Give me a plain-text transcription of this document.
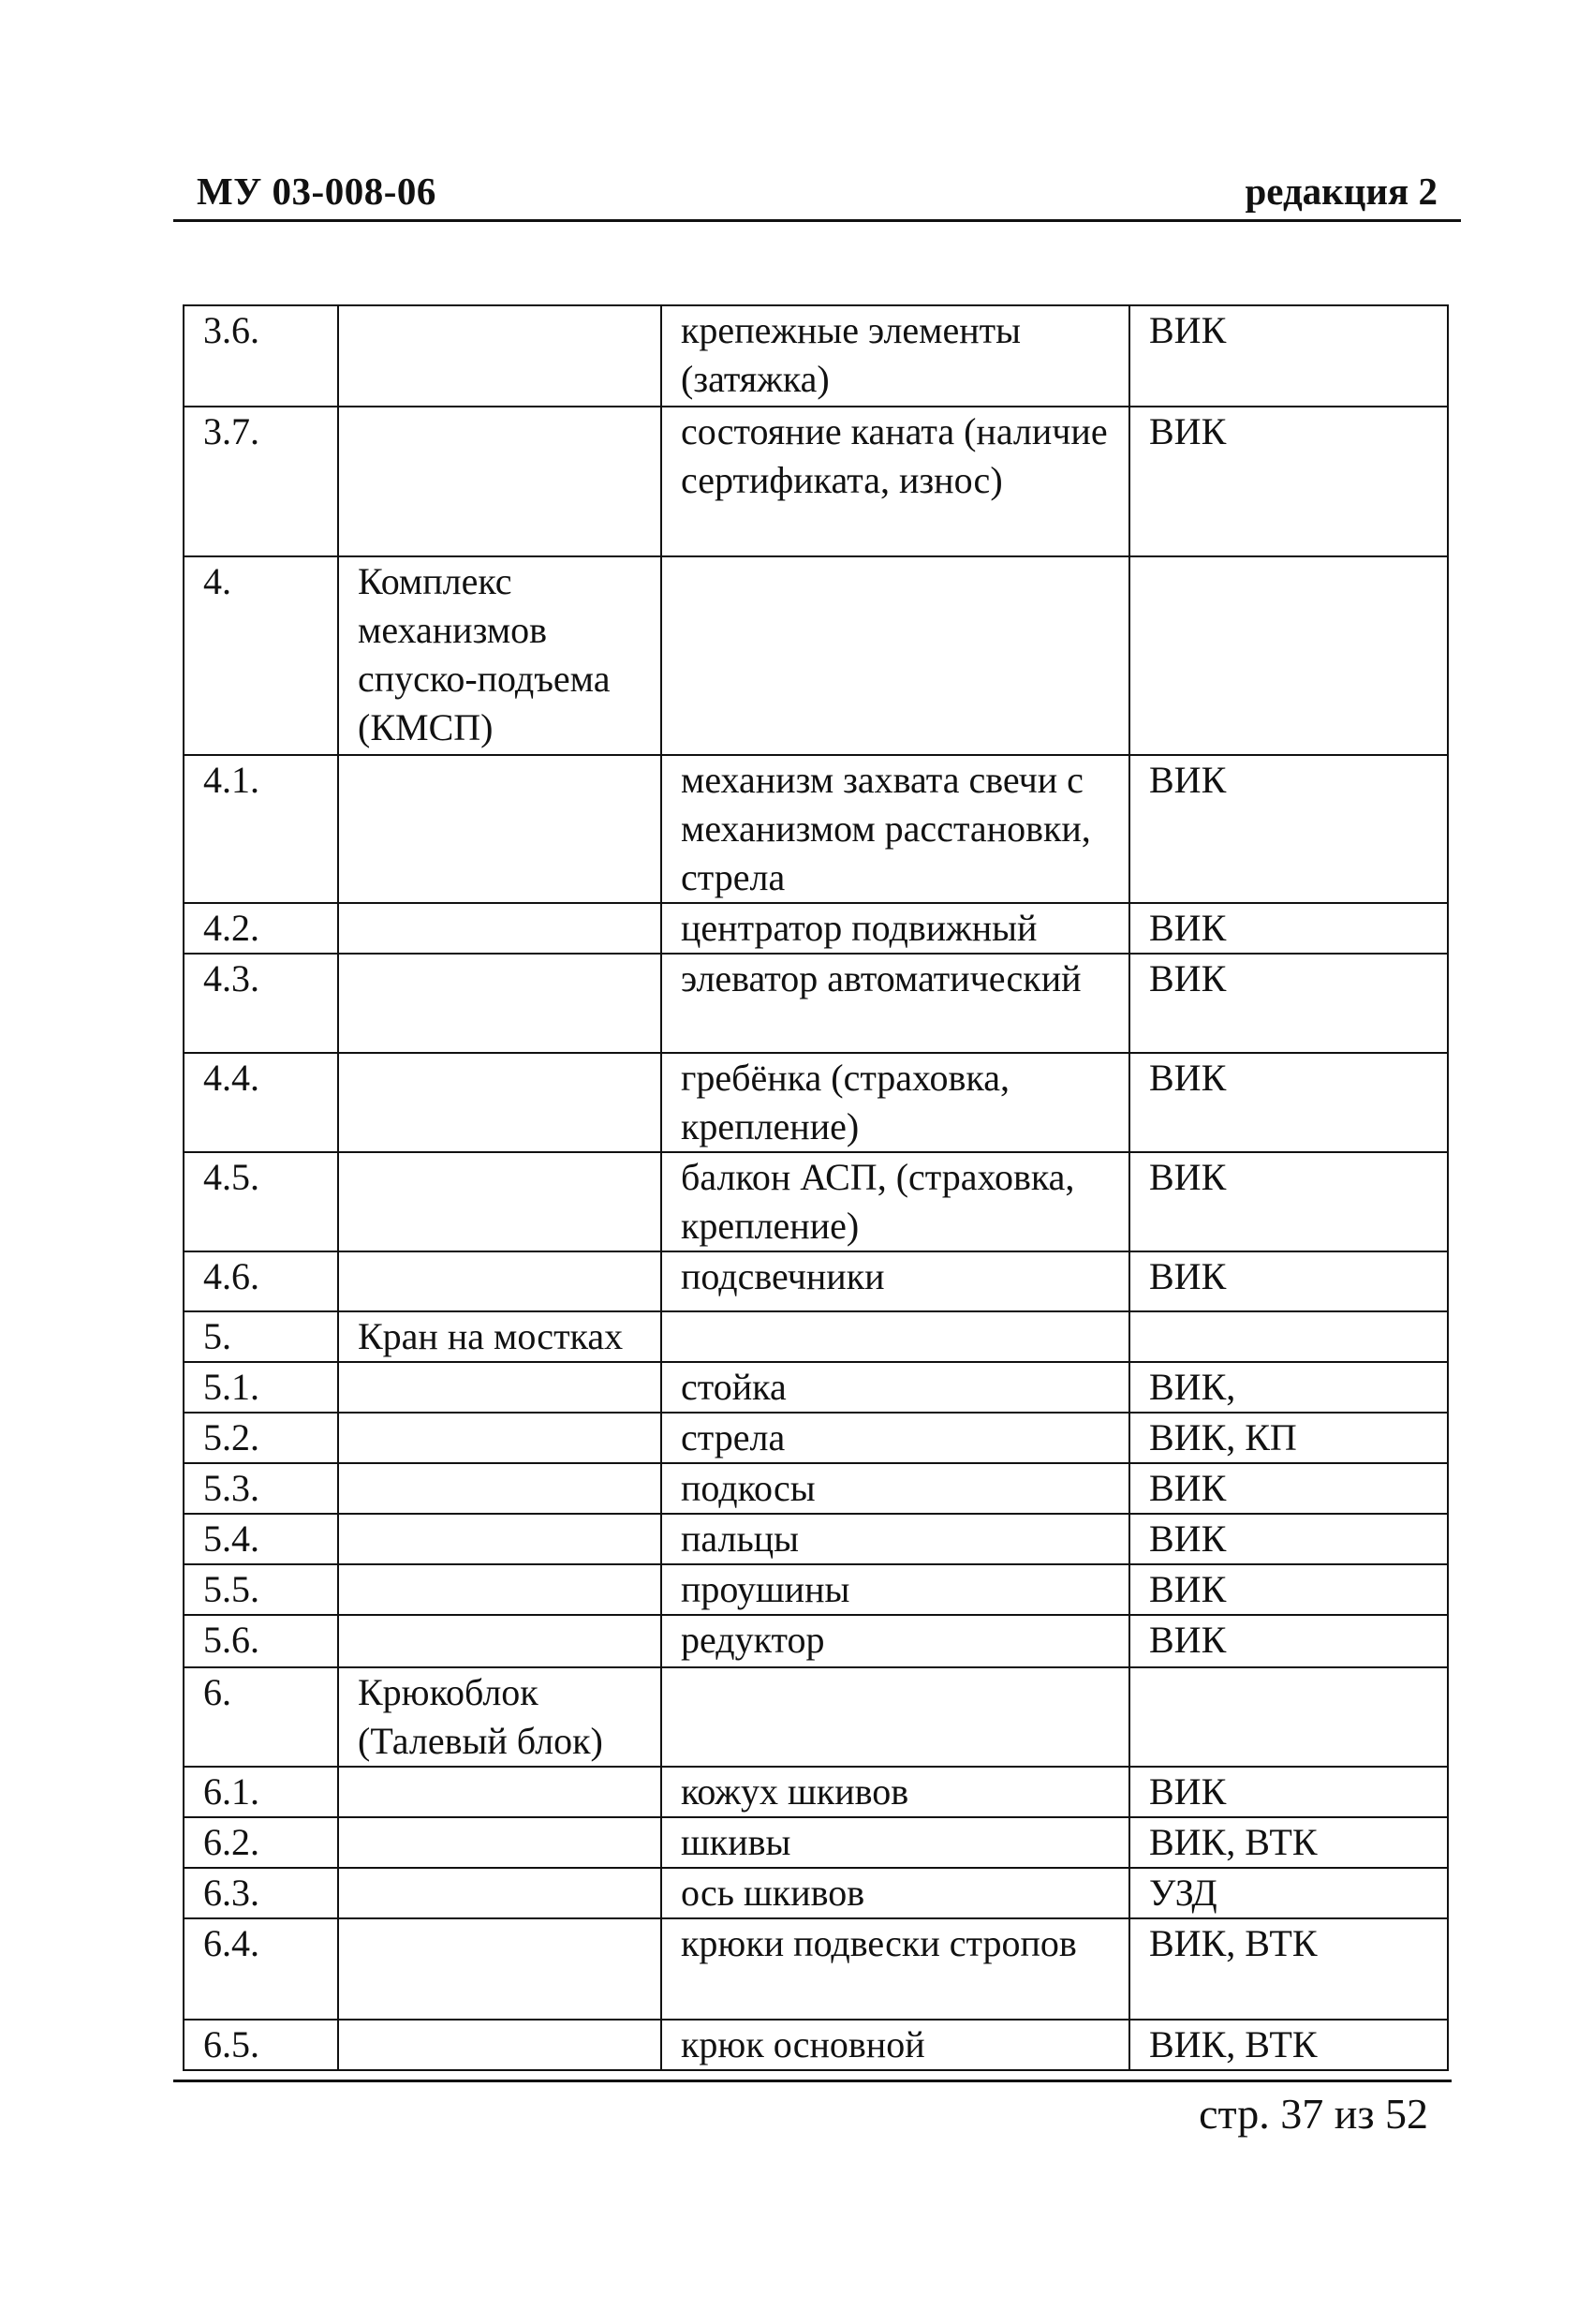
МУ 03-008-06	редакция 2
3.6.		крепежные элементы (затяжка)	ВИК
3.7.		состояние каната (наличие сертификата, износ)	ВИК
4.	Комплекс механизмов спуско-подъема (КМСП)		
4.1.		механизм захвата свечи с механизмом расстановки, стрела	ВИК
4.2.		центратор подвижный	ВИК
4.3.		элеватор автоматический	ВИК
4.4.		гребёнка (страховка, крепление)	ВИК
4.5.		балкон АСП, (страховка, крепление)	ВИК
4.6.		подсвечники	ВИК
5.	Кран на мостках		
5.1.		стойка	ВИК,
5.2.		стрела	ВИК, КП
5.3.		подкосы	ВИК
5.4.		пальцы	ВИК
5.5.		проушины	ВИК
5.6.		редуктор	ВИК
6.	Крюкоблок (Талевый блок)		
6.1.		кожух шкивов	ВИК
6.2.		шкивы	ВИК, ВТК
6.3.		ось шкивов	УЗД
6.4.		крюки подвески стропов	ВИК, ВТК
6.5.		крюк основной	ВИК, ВТК
стр. 37 из 52
